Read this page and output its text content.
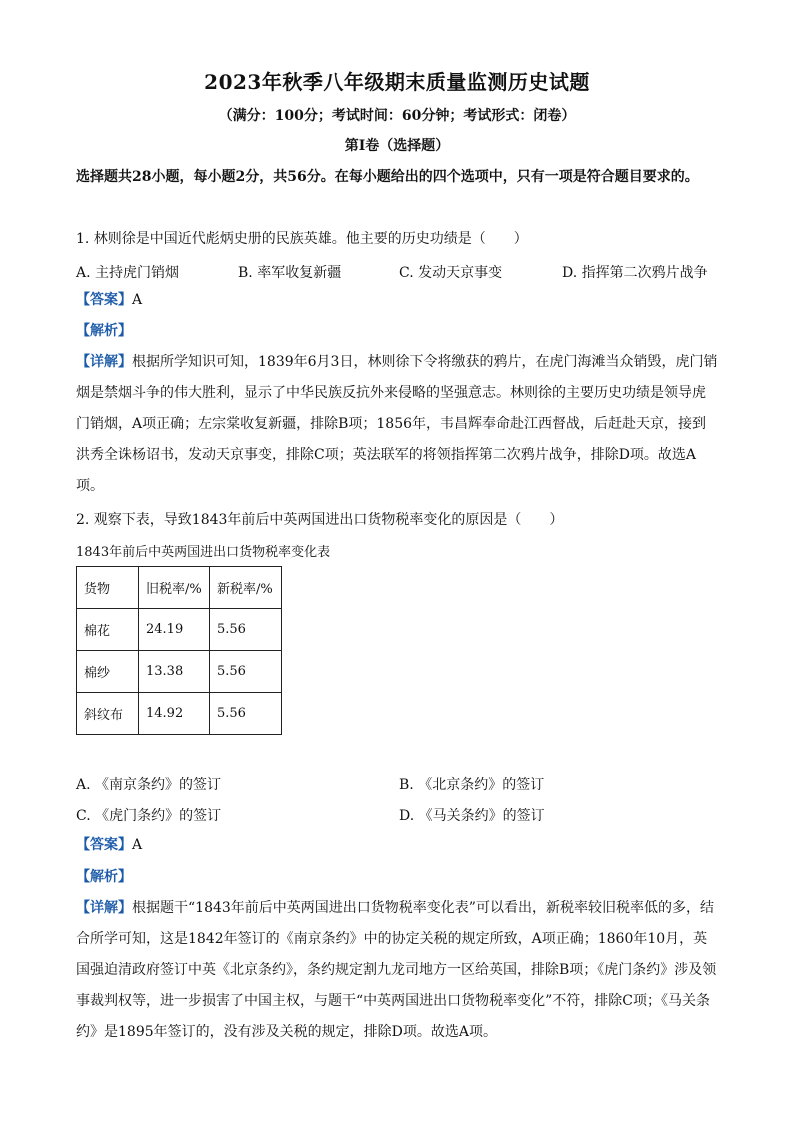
2023年秋季八年级期末质量监测历史试题
（满分：100分；考试时间：60分钟；考试形式：闭卷）
第Ⅰ卷（选择题）
选择题共28小题，每小题2分，共56分。在每小题给出的四个选项中，只有一项是符合题目要求的。
1. 林则徐是中国近代彪炳史册的民族英雄。他主要的历史功绩是（　　）
A. 主持虎门销烟	B. 率军收复新疆	C. 发动天京事变	D. 指挥第二次鸦片战争
【答案】A
【解析】
【详解】根据所学知识可知，1839年6月3日，林则徐下令将缴获的鸦片，在虎门海滩当众销毁，虎门销烟是禁烟斗争的伟大胜利，显示了中华民族反抗外来侵略的坚强意志。林则徐的主要历史功绩是领导虎门销烟，A项正确；左宗棠收复新疆，排除B项；1856年，韦昌辉奉命赴江西督战，后赶赴天京，接到洪秀全诛杨诏书，发动天京事变，排除C项；英法联军的将领指挥第二次鸦片战争，排除D项。故选A项。
2. 观察下表，导致1843年前后中英两国进出口货物税率变化的原因是（　　）
1843年前后中英两国进出口货物税率变化表
货物	旧税率/%	新税率/%
棉花	24.19	5.56
棉纱	13.38	5.56
斜纹布	14.92	5.56
A. 《南京条约》的签订	B. 《北京条约》的签订
C. 《虎门条约》的签订	D. 《马关条约》的签订
【答案】A
【解析】
【详解】根据题干“1843年前后中英两国进出口货物税率变化表”可以看出，新税率较旧税率低的多，结合所学可知，这是1842年签订的《南京条约》中的协定关税的规定所致，A项正确；1860年10月，英国强迫清政府签订中英《北京条约》，条约规定割九龙司地方一区给英国，排除B项；《虎门条约》涉及领事裁判权等，进一步损害了中国主权，与题干“中英两国进出口货物税率变化”不符，排除C项；《马关条约》是1895年签订的，没有涉及关税的规定，排除D项。故选A项。
